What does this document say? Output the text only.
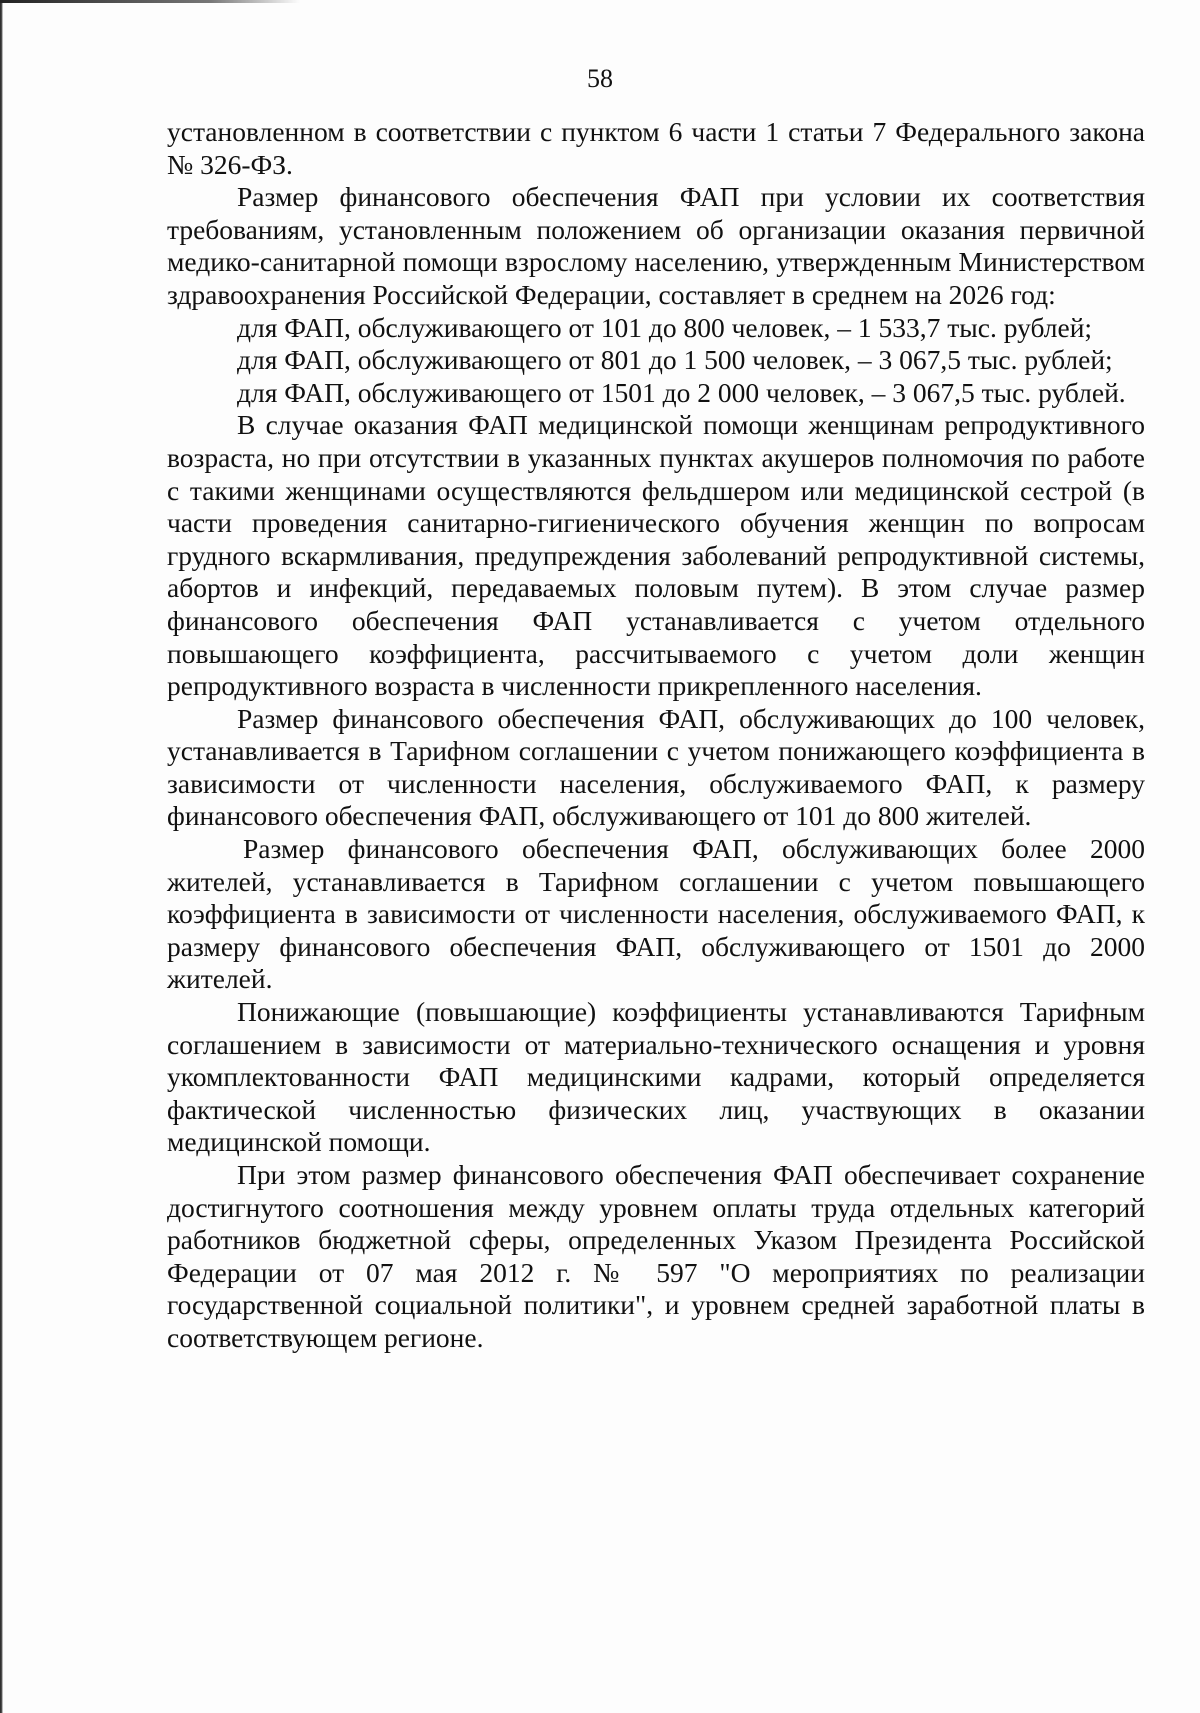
58

установленном в соответствии с пунктом 6 части 1 статьи 7 Федерального закона № 326-ФЗ.

Размер финансового обеспечения ФАП при условии их соответствия требованиям, установленным положением об организации оказания первичной медико-санитарной помощи взрослому населению, утвержденным Министерством здравоохранения Российской Федерации, составляет в среднем на 2026 год:

для ФАП, обслуживающего от 101 до 800 человек, – 1 533,7 тыс. рублей;

для ФАП, обслуживающего от 801 до 1 500 человек, – 3 067,5 тыс. рублей;

для ФАП, обслуживающего от 1501 до 2 000 человек, – 3 067,5 тыс. рублей.

В случае оказания ФАП медицинской помощи женщинам репродуктивного возраста, но при отсутствии в указанных пунктах акушеров полномочия по работе с такими женщинами осуществляются фельдшером или медицинской сестрой (в части проведения санитарно-гигиенического обучения женщин по вопросам грудного вскармливания, предупреждения заболеваний репродуктивной системы, абортов и инфекций, передаваемых половым путем). В этом случае размер финансового обеспечения ФАП устанавливается с учетом отдельного повышающего коэффициента, рассчитываемого с учетом доли женщин репродуктивного возраста в численности прикрепленного населения.

Размер финансового обеспечения ФАП, обслуживающих до 100 человек, устанавливается в Тарифном соглашении с учетом понижающего коэффициента в зависимости от численности населения, обслуживаемого ФАП, к размеру финансового обеспечения ФАП, обслуживающего от 101 до 800 жителей.

Размер финансового обеспечения ФАП, обслуживающих более 2000 жителей, устанавливается в Тарифном соглашении с учетом повышающего коэффициента в зависимости от численности населения, обслуживаемого ФАП, к размеру финансового обеспечения ФАП, обслуживающего от 1501 до 2000 жителей.

Понижающие (повышающие) коэффициенты устанавливаются Тарифным соглашением в зависимости от материально-технического оснащения и уровня укомплектованности ФАП медицинскими кадрами, который определяется фактической численностью физических лиц, участвующих в оказании медицинской помощи.

При этом размер финансового обеспечения ФАП обеспечивает сохранение достигнутого соотношения между уровнем оплаты труда отдельных категорий работников бюджетной сферы, определенных Указом Президента Российской Федерации от 07 мая 2012 г. № 597 "О мероприятиях по реализации государственной социальной политики", и уровнем средней заработной платы в соответствующем регионе.
